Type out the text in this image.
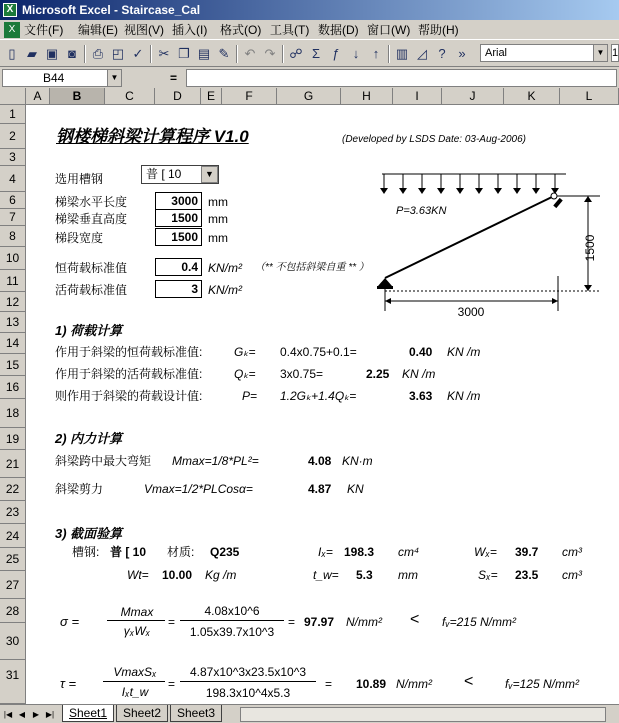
X Microsoft Excel - Staircase_Cal
X 文件(F) 编辑(E) 视图(V) 插入(I) 格式(O) 工具(T) 数据(D) 窗口(W) 帮助(H)
▯ ▰ ▣ ◙	⎙ ◰ ✓	✂ ❐ ▤ ✎	↶ ↷	☍ Σ ƒ	↓	↑	▥ ◿ ? »	Arial	▼ 1
B44	▼	=
A	B	C	D	E	F	G	H	I	J	K	L
1
2
3
4
6
7
8
10
11
12
13
14
15
16
18
19
21
22
23
24
25
27
28
30
31
钢楼梯斜梁计算程序 V1.0	(Developed by LSDS Date: 03-Aug-2006)
选用槽钢	普 [ 10	▼
梯梁水平长度	3000 mm
梯梁垂直高度	1500 mm
梯段宽度	1500 mm
恒荷载标准值	0.4 KN/m² （** 不包括斜梁自重 ** ）
活荷载标准值	3 KN/m²
P=3.63KN
1500
3000
1) 荷载计算
作用于斜梁的恒荷载标准值:	Gₖ= 0.4x0.75+0.1=	0.40 KN /m
作用于斜梁的活荷载标准值:	Qₖ= 3x0.75=	2.25 KN /m
则作用于斜梁的荷载设计值:	P= 1.2Gₖ+1.4Qₖ=	3.63 KN /m
2) 内力计算
斜梁跨中最大弯矩 Mmax=1/8*PL²=	4.08 KN·m
斜梁剪力	Vmax=1/2*PLCosα=	4.87 KN
3) 截面验算
槽钢: 普 [ 10 材质: Q235	Iₓ= 198.3 cm⁴	Wₓ= 39.7 cm³
Wt= 10.00 Kg /m	t_w= 5.3 mm	Sₓ= 23.5 cm³
σ =
Mmax
γₓWₓ
=
4.08x10^6
1.05x39.7x10^3
= 97.97 N/mm² < fᵥ=215 N/mm²
τ =
VmaxSₓ
Iₓt_w
=
4.87x10^3x23.5x10^3
198.3x10^4x5.3
= 10.89 N/mm² <	fᵥ=125 N/mm²
|◀ ◀ ▶ ▶|	Sheet1	Sheet2	Sheet3
